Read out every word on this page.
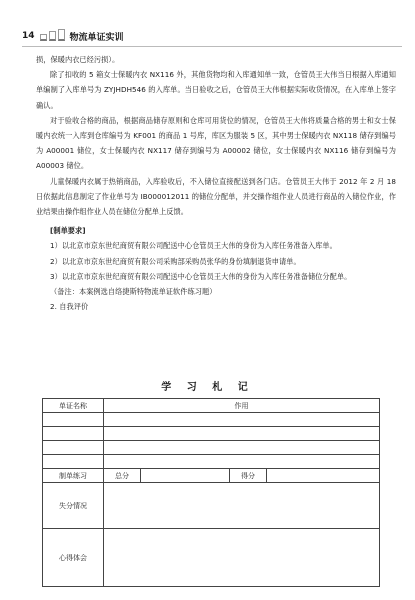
14	物流单证实训

损，保暖内衣已经污损）。

除了扣收的 5 箱女士保暖内衣 NX116 外，其他货物均和入库通知单一致，仓管员王大伟当日根据入库通知单编制了入库单号为 ZYJHDH546 的入库单。当日验收之后，仓管员王大伟根据实际收货情况，在入库单上签字确认。

对于验收合格的商品，根据商品储存原则和仓库可用货位的情况，仓管员王大伟将质量合格的男士和女士保暖内衣统一入库到仓库编号为 KF001 的商品 1 号库，库区为服装 5 区，其中男士保暖内衣 NX118 储存到编号为 A00001 储位，女士保暖内衣 NX117 储存到编号为 A00002 储位，女士保暖内衣 NX116 储存到编号为 A00003 储位。

儿童保暖内衣属于热销商品，入库验收后，不入储位直接配送到各门店。仓管员王大伟于 2012 年 2 月 18 日依据此信息制定了作业单号为 IB000012011 的储位分配单，并交操作组作业人员进行商品的入储位作业，作业结果由操作组作业人员在储位分配单上反馈。

[制单要求]

1）以北京市京东世纪商贸有限公司配送中心仓管员王大伟的身份为入库任务准备入库单。

2）以北京市京东世纪商贸有限公司采购部采购员张华的身份填制退货申请单。

3）以北京市京东世纪商贸有限公司配送中心仓管员王大伟的身份为入库任务准备储位分配单。

（备注：本案例选自络捷斯特物流单证软件练习题）

2. 自我评价

学 习 札 记
单证名称	作用			

制单练习	总分		得分	
失分情况				
心得体会				
